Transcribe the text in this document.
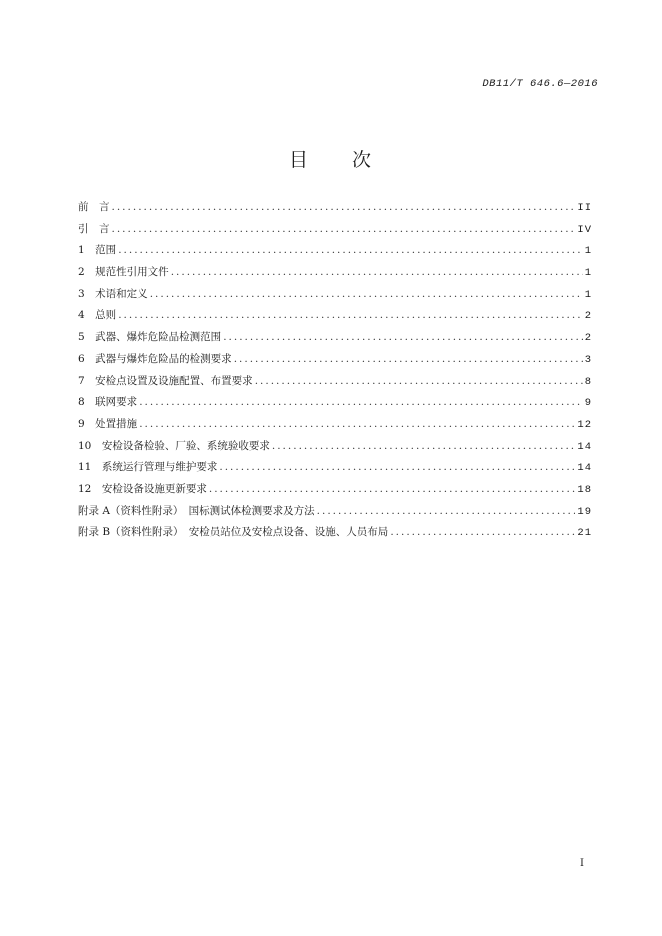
DB11/T 646.6—2016
目　　次
前　言 .....	II
引　言 .....	IV
1　范围 .....	1
2　规范性引用文件 .....	1
3　术语和定义 .....	1
4　总则 .....	2
5　武器、爆炸危险品检测范围 .....	2
6　武器与爆炸危险品的检测要求 .....	3
7　安检点设置及设施配置、布置要求 .....	8
8　联网要求 .....	9
9　处置措施 .....	12
10　安检设备检验、厂验、系统验收要求 .....	14
11　系统运行管理与维护要求 .....	14
12　安检设备设施更新要求 .....	18
附录 A（资料性附录）　国标测试体检测要求及方法 .....	19
附录 B（资料性附录）　安检员站位及安检点设备、设施、人员布局 .....	21
I
